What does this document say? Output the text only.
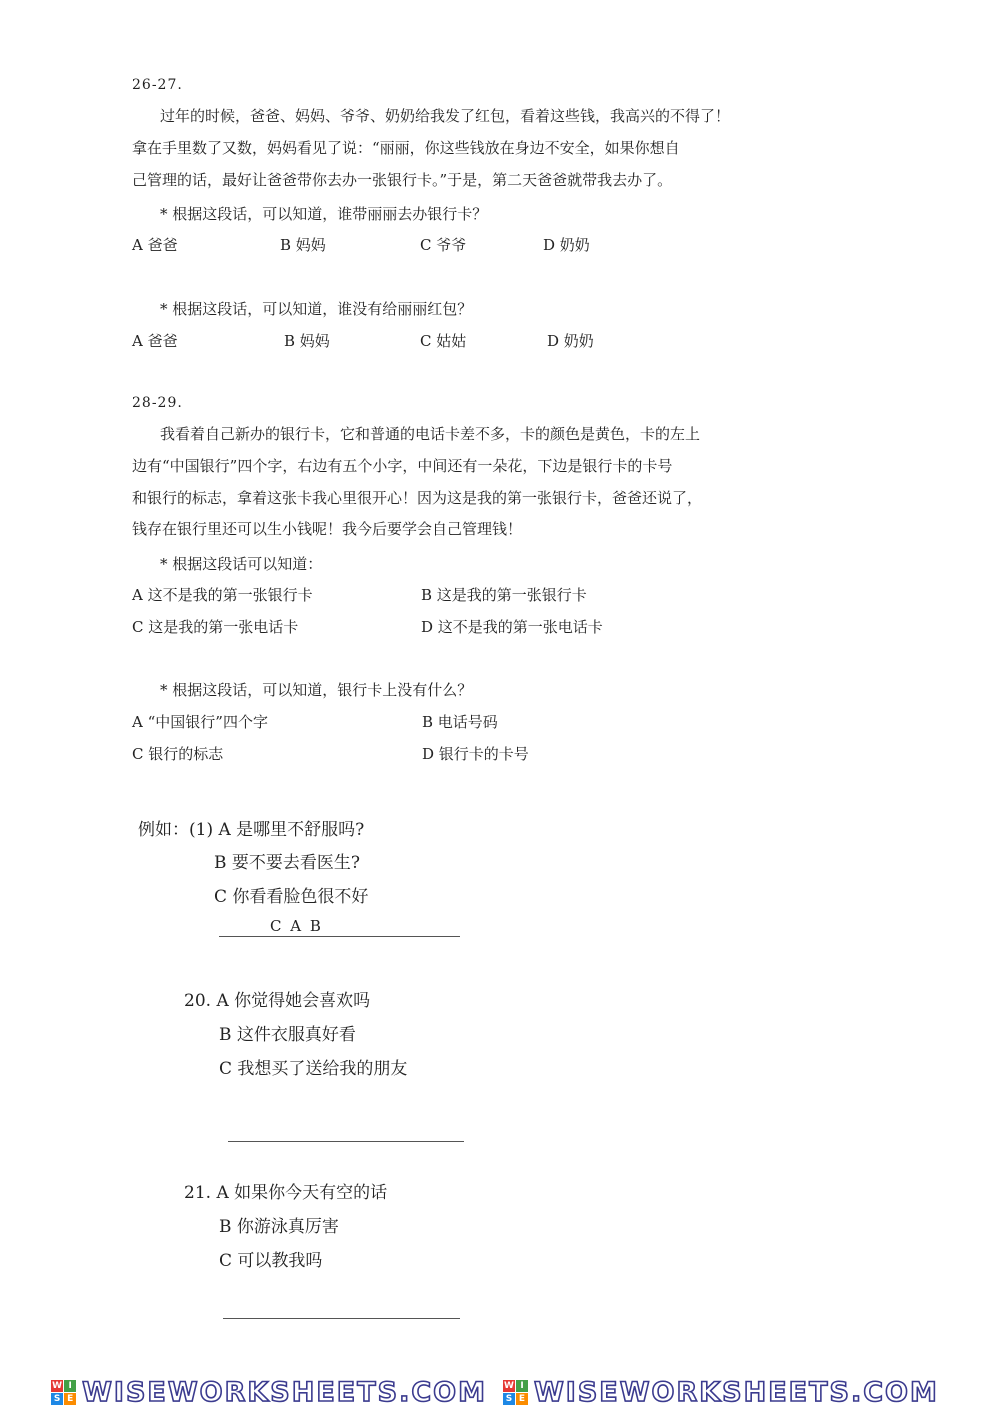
26-27.
过年的时候，爸爸、妈妈、爷爷、奶奶给我发了红包，看着这些钱，我高兴的不得了！
拿在手里数了又数，妈妈看见了说：“丽丽，你这些钱放在身边不安全，如果你想自
己管理的话，最好让爸爸带你去办一张银行卡。”于是，第二天爸爸就带我去办了。
* 根据这段话，可以知道，谁带丽丽去办银行卡？
A 爸爸	B 妈妈	C 爷爷	D 奶奶
* 根据这段话，可以知道，谁没有给丽丽红包？
A 爸爸	B 妈妈	C 姑姑	D 奶奶
28-29.
我看着自己新办的银行卡，它和普通的电话卡差不多，卡的颜色是黄色，卡的左上
边有“中国银行”四个字，右边有五个小字，中间还有一朵花，下边是银行卡的卡号
和银行的标志，拿着这张卡我心里很开心！因为这是我的第一张银行卡，爸爸还说了，
钱存在银行里还可以生小钱呢！我今后要学会自己管理钱！
* 根据这段话可以知道：
A 这不是我的第一张银行卡	B 这是我的第一张银行卡
C 这是我的第一张电话卡	D 这不是我的第一张电话卡
* 根据这段话，可以知道，银行卡上没有什么？
A “中国银行”四个字	B 电话号码
C 银行的标志	D 银行卡的卡号
例如：(1) A 是哪里不舒服吗?
B 要不要去看医生?
C 你看看脸色很不好
C A B
20. A 你觉得她会喜欢吗
B 这件衣服真好看
C 我想买了送给我的朋友
21. A 如果你今天有空的话
B 你游泳真厉害
C 可以教我吗
W I
S E WISEWORKSHEETS.COM W I
S E WISEWORKSHEETS.COM
